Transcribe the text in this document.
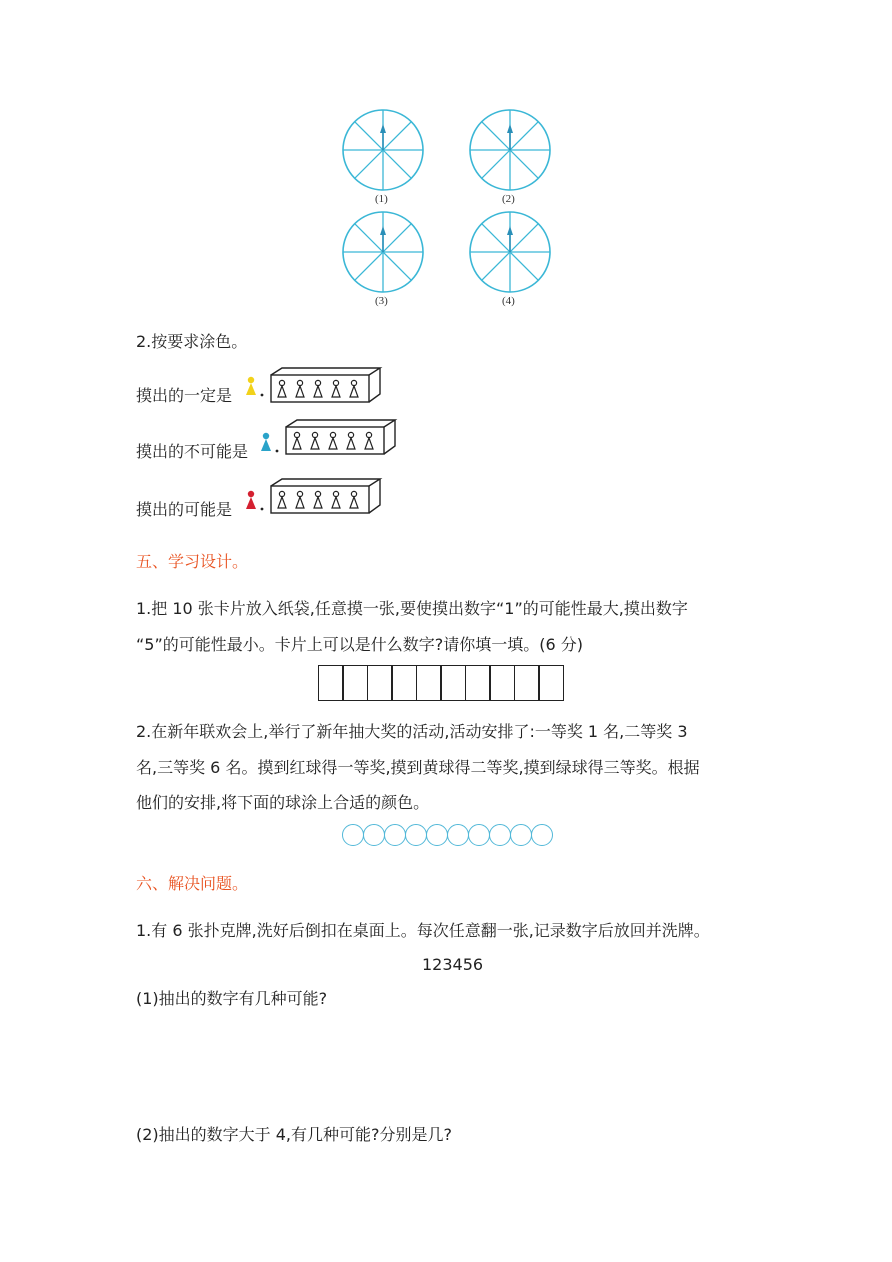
(1)	(2)
(3)	(4)
2.按要求涂色。
摸出的一定是
摸出的不可能是
摸出的可能是
五、学习设计。
1.把 10 张卡片放入纸袋,任意摸一张,要使摸出数字“1”的可能性最大,摸出数字
“5”的可能性最小。卡片上可以是什么数字?请你填一填。(6 分)
2.在新年联欢会上,举行了新年抽大奖的活动,活动安排了:一等奖 1 名,二等奖 3
名,三等奖 6 名。摸到红球得一等奖,摸到黄球得二等奖,摸到绿球得三等奖。根据
他们的安排,将下面的球涂上合适的颜色。
六、解决问题。
1.有 6 张扑克牌,洗好后倒扣在桌面上。每次任意翻一张,记录数字后放回并洗牌。
123456
(1)抽出的数字有几种可能?
(2)抽出的数字大于 4,有几种可能?分别是几?
